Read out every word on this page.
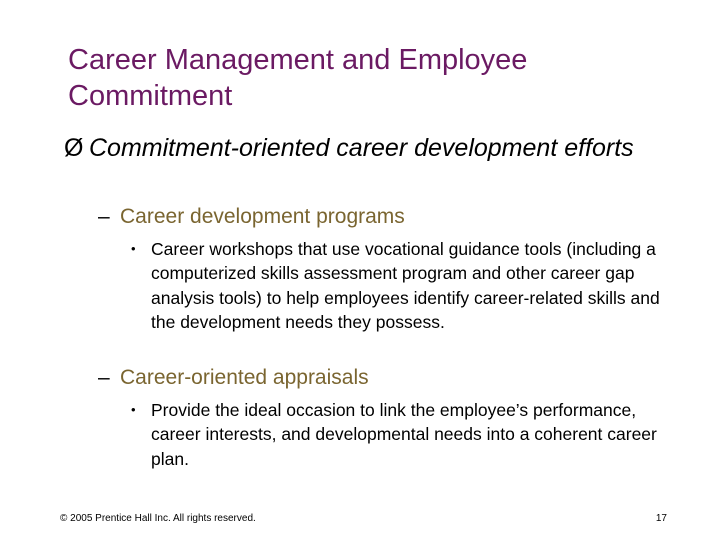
Career Management and Employee Commitment
Ø Commitment-oriented career development efforts
– Career development programs
• Career workshops that use vocational guidance tools (including a computerized skills assessment program and other career gap analysis tools) to help employees identify career-related skills and the development needs they possess.
– Career-oriented appraisals
• Provide the ideal occasion to link the employee’s performance, career interests, and developmental needs into a coherent career plan.
© 2005 Prentice Hall Inc. All rights reserved.	17
